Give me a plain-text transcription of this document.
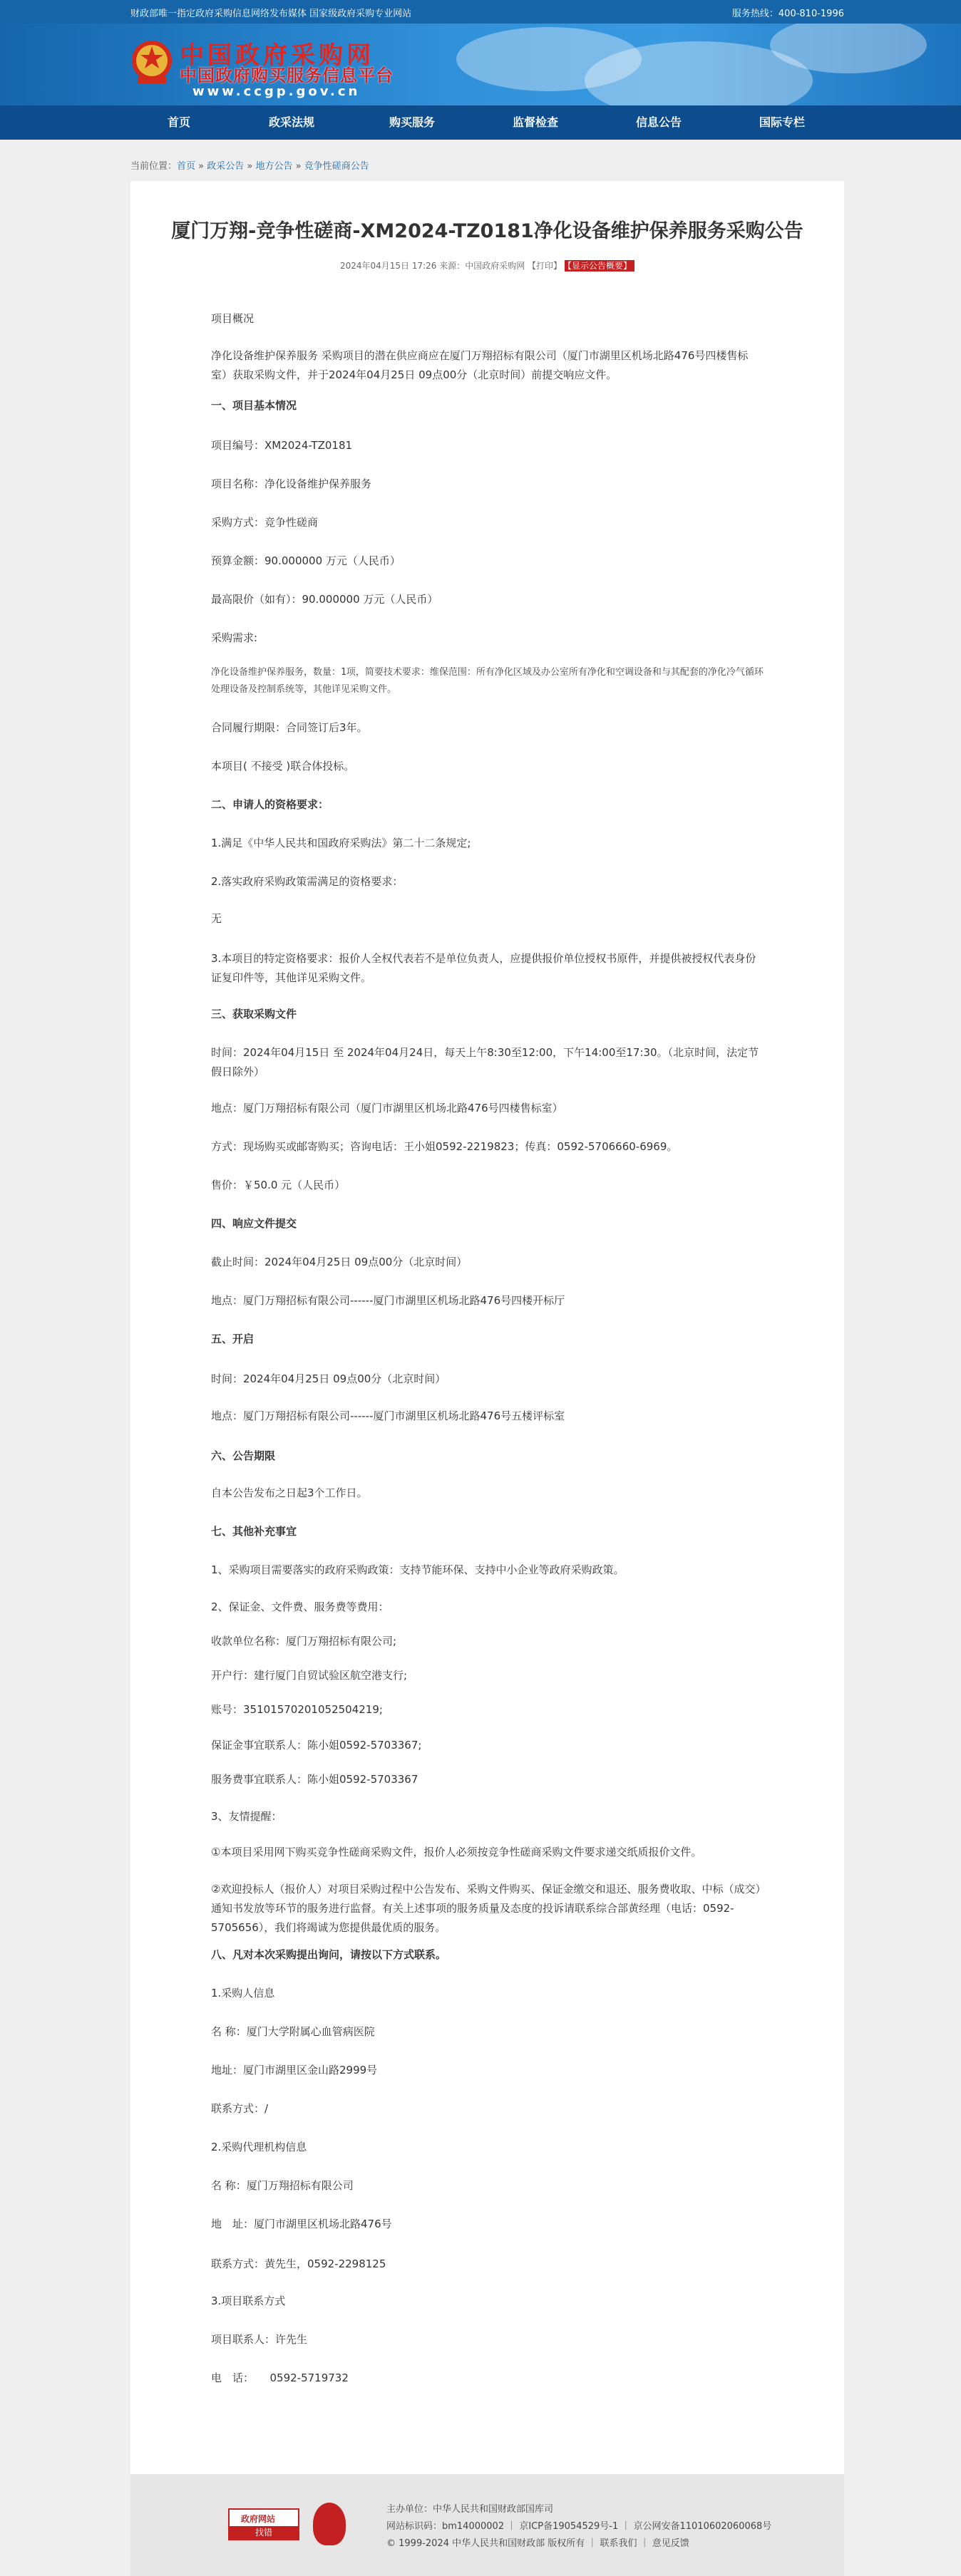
财政部唯一指定政府采购信息网络发布媒体 国家级政府采购专业网站	服务热线：400-810-1996
中国政府采购网
中国政府购买服务信息平台
www.ccgp.gov.cn
首页	政采法规	购买服务	监督检查	信息公告	国际专栏
当前位置：首页 » 政采公告 » 地方公告 » 竞争性磋商公告
厦门万翔-竞争性磋商-XM2024-TZ0181净化设备维护保养服务采购公告
2024年04月15日 17:26 来源：中国政府采购网 【打印】 【显示公告概要】

项目概况

净化设备维护保养服务 采购项目的潜在供应商应在厦门万翔招标有限公司（厦门市湖里区机场北路476号四楼售标室）获取采购文件，并于2024年04月25日 09点00分（北京时间）前提交响应文件。

一、项目基本情况

项目编号：XM2024-TZ0181

项目名称：净化设备维护保养服务

采购方式：竞争性磋商

预算金额：90.000000 万元（人民币）

最高限价（如有）：90.000000 万元（人民币）

采购需求:

净化设备维护保养服务，数量：1项，简要技术要求：维保范围：所有净化区域及办公室所有净化和空调设备和与其配套的净化冷气循环处理设备及控制系统等，其他详见采购文件。

合同履行期限：合同签订后3年。

本项目( 不接受 )联合体投标。

二、申请人的资格要求：

1.满足《中华人民共和国政府采购法》第二十二条规定;

2.落实政府采购政策需满足的资格要求：

无

3.本项目的特定资格要求：报价人全权代表若不是单位负责人，应提供报价单位授权书原件，并提供被授权代表身份证复印件等，其他详见采购文件。

三、获取采购文件

时间：2024年04月15日 至 2024年04月24日，每天上午8:30至12:00，下午14:00至17:30。（北京时间，法定节假日除外）

地点：厦门万翔招标有限公司（厦门市湖里区机场北路476号四楼售标室）

方式：现场购买或邮寄购买；咨询电话：王小姐0592-2219823；传真：0592-5706660-6969。

售价：￥50.0 元（人民币）

四、响应文件提交

截止时间：2024年04月25日 09点00分（北京时间）

地点：厦门万翔招标有限公司------厦门市湖里区机场北路476号四楼开标厅

五、开启

时间：2024年04月25日 09点00分（北京时间）

地点：厦门万翔招标有限公司------厦门市湖里区机场北路476号五楼评标室

六、公告期限

自本公告发布之日起3个工作日。

七、其他补充事宜

1、采购项目需要落实的政府采购政策：支持节能环保、支持中小企业等政府采购政策。

2、保证金、文件费、服务费等费用：

收款单位名称：厦门万翔招标有限公司;

开户行：建行厦门自贸试验区航空港支行;

账号：35101570201052504219;

保证金事宜联系人：陈小姐0592-5703367;

服务费事宜联系人：陈小姐0592-5703367

3、友情提醒：

①本项目采用网下购买竞争性磋商采购文件，报价人必须按竞争性磋商采购文件要求递交纸质报价文件。

②欢迎投标人（报价人）对项目采购过程中公告发布、采购文件购买、保证金缴交和退还、服务费收取、中标（成交）通知书发放等环节的服务进行监督。有关上述事项的服务质量及态度的投诉请联系综合部黄经理（电话：0592-5705656），我们将竭诚为您提供最优质的服务。

八、凡对本次采购提出询问，请按以下方式联系。

1.采购人信息

名 称：厦门大学附属心血管病医院

地址：厦门市湖里区金山路2999号

联系方式：/

2.采购代理机构信息

名 称：厦门万翔招标有限公司

地　址：厦门市湖里区机场北路476号

联系方式：黄先生，0592-2298125

3.项目联系方式

项目联系人：许先生

电　话：　　0592-5719732

政府网站
找错
主办单位：中华人民共和国财政部国库司
网站标识码：bm14000002 ｜ 京ICP备19054529号-1 ｜ 京公网安备11010602060068号
© 1999-2024 中华人民共和国财政部 版权所有 ｜ 联系我们 ｜ 意见反馈
